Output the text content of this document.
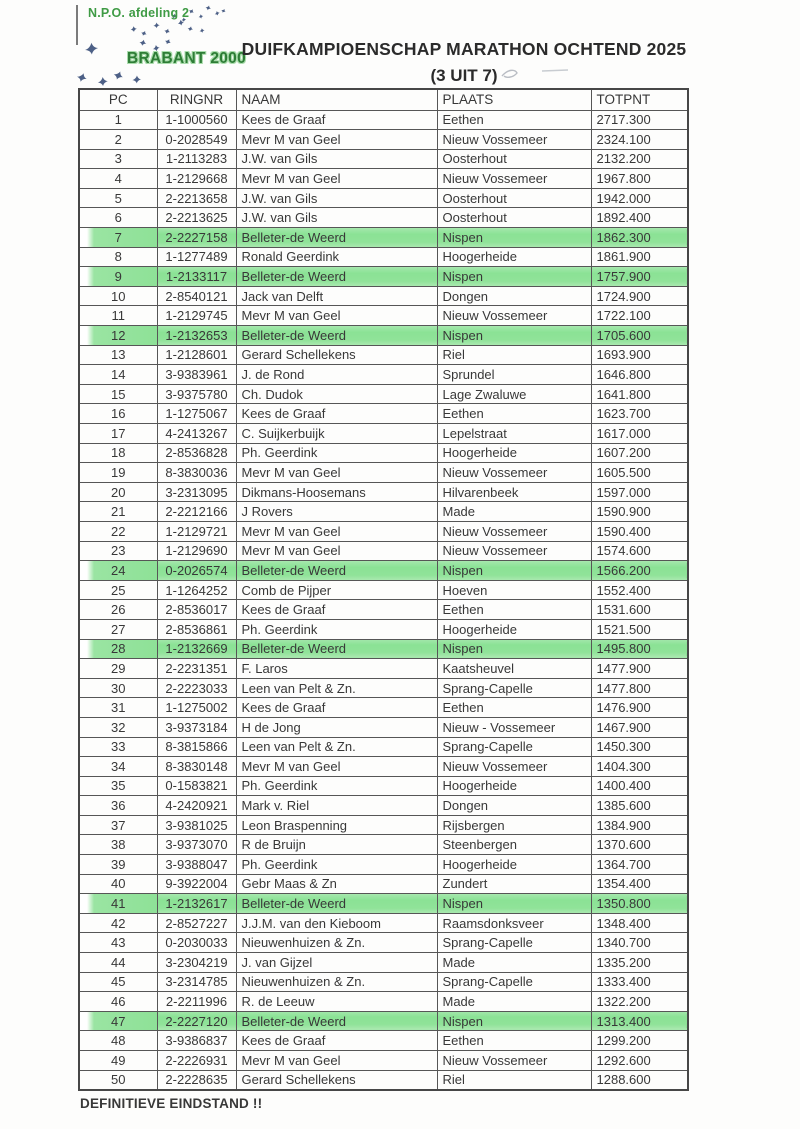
N.P.O. afdeling 2
BRABANT 2000
DUIFKAMPIOENSCHAP MARATHON OCHTEND 2025
(3 UIT 7)
PC	RINGNR	NAAM	PLAATS	TOTPNT
1	1-1000560	Kees de Graaf	Eethen	2717.300
2	0-2028549	Mevr M van Geel	Nieuw Vossemeer	2324.100
3	1-2113283	J.W. van Gils	Oosterhout	2132.200
4	1-2129668	Mevr M van Geel	Nieuw Vossemeer	1967.800
5	2-2213658	J.W. van Gils	Oosterhout	1942.000
6	2-2213625	J.W. van Gils	Oosterhout	1892.400
7	2-2227158	Belleter-de Weerd	Nispen	1862.300
8	1-1277489	Ronald Geerdink	Hoogerheide	1861.900
9	1-2133117	Belleter-de Weerd	Nispen	1757.900
10	2-8540121	Jack van Delft	Dongen	1724.900
11	1-2129745	Mevr M van Geel	Nieuw Vossemeer	1722.100
12	1-2132653	Belleter-de Weerd	Nispen	1705.600
13	1-2128601	Gerard Schellekens	Riel	1693.900
14	3-9383961	J. de Rond	Sprundel	1646.800
15	3-9375780	Ch. Dudok	Lage Zwaluwe	1641.800
16	1-1275067	Kees de Graaf	Eethen	1623.700
17	4-2413267	C. Suijkerbuijk	Lepelstraat	1617.000
18	2-8536828	Ph. Geerdink	Hoogerheide	1607.200
19	8-3830036	Mevr M van Geel	Nieuw Vossemeer	1605.500
20	3-2313095	Dikmans-Hoosemans	Hilvarenbeek	1597.000
21	2-2212166	J Rovers	Made	1590.900
22	1-2129721	Mevr M van Geel	Nieuw Vossemeer	1590.400
23	1-2129690	Mevr M van Geel	Nieuw Vossemeer	1574.600
24	0-2026574	Belleter-de Weerd	Nispen	1566.200
25	1-1264252	Comb de Pijper	Hoeven	1552.400
26	2-8536017	Kees de Graaf	Eethen	1531.600
27	2-8536861	Ph. Geerdink	Hoogerheide	1521.500
28	1-2132669	Belleter-de Weerd	Nispen	1495.800
29	2-2231351	F. Laros	Kaatsheuvel	1477.900
30	2-2223033	Leen van Pelt & Zn.	Sprang-Capelle	1477.800
31	1-1275002	Kees de Graaf	Eethen	1476.900
32	3-9373184	H de Jong	Nieuw - Vossemeer	1467.900
33	8-3815866	Leen van Pelt & Zn.	Sprang-Capelle	1450.300
34	8-3830148	Mevr M van Geel	Nieuw Vossemeer	1404.300
35	0-1583821	Ph. Geerdink	Hoogerheide	1400.400
36	4-2420921	Mark v. Riel	Dongen	1385.600
37	3-9381025	Leon Braspenning	Rijsbergen	1384.900
38	3-9373070	R de Bruijn	Steenbergen	1370.600
39	3-9388047	Ph. Geerdink	Hoogerheide	1364.700
40	9-3922004	Gebr Maas & Zn	Zundert	1354.400
41	1-2132617	Belleter-de Weerd	Nispen	1350.800
42	2-8527227	J.J.M. van den Kieboom	Raamsdonksveer	1348.400
43	0-2030033	Nieuwenhuizen & Zn.	Sprang-Capelle	1340.700
44	3-2304219	J. van Gijzel	Made	1335.200
45	3-2314785	Nieuwenhuizen & Zn.	Sprang-Capelle	1333.400
46	2-2211996	R. de Leeuw	Made	1322.200
47	2-2227120	Belleter-de Weerd	Nispen	1313.400
48	3-9386837	Kees de Graaf	Eethen	1299.200
49	2-2226931	Mevr M van Geel	Nieuw Vossemeer	1292.600
50	2-2228635	Gerard Schellekens	Riel	1288.600
DEFINITIEVE EINDSTAND !!
